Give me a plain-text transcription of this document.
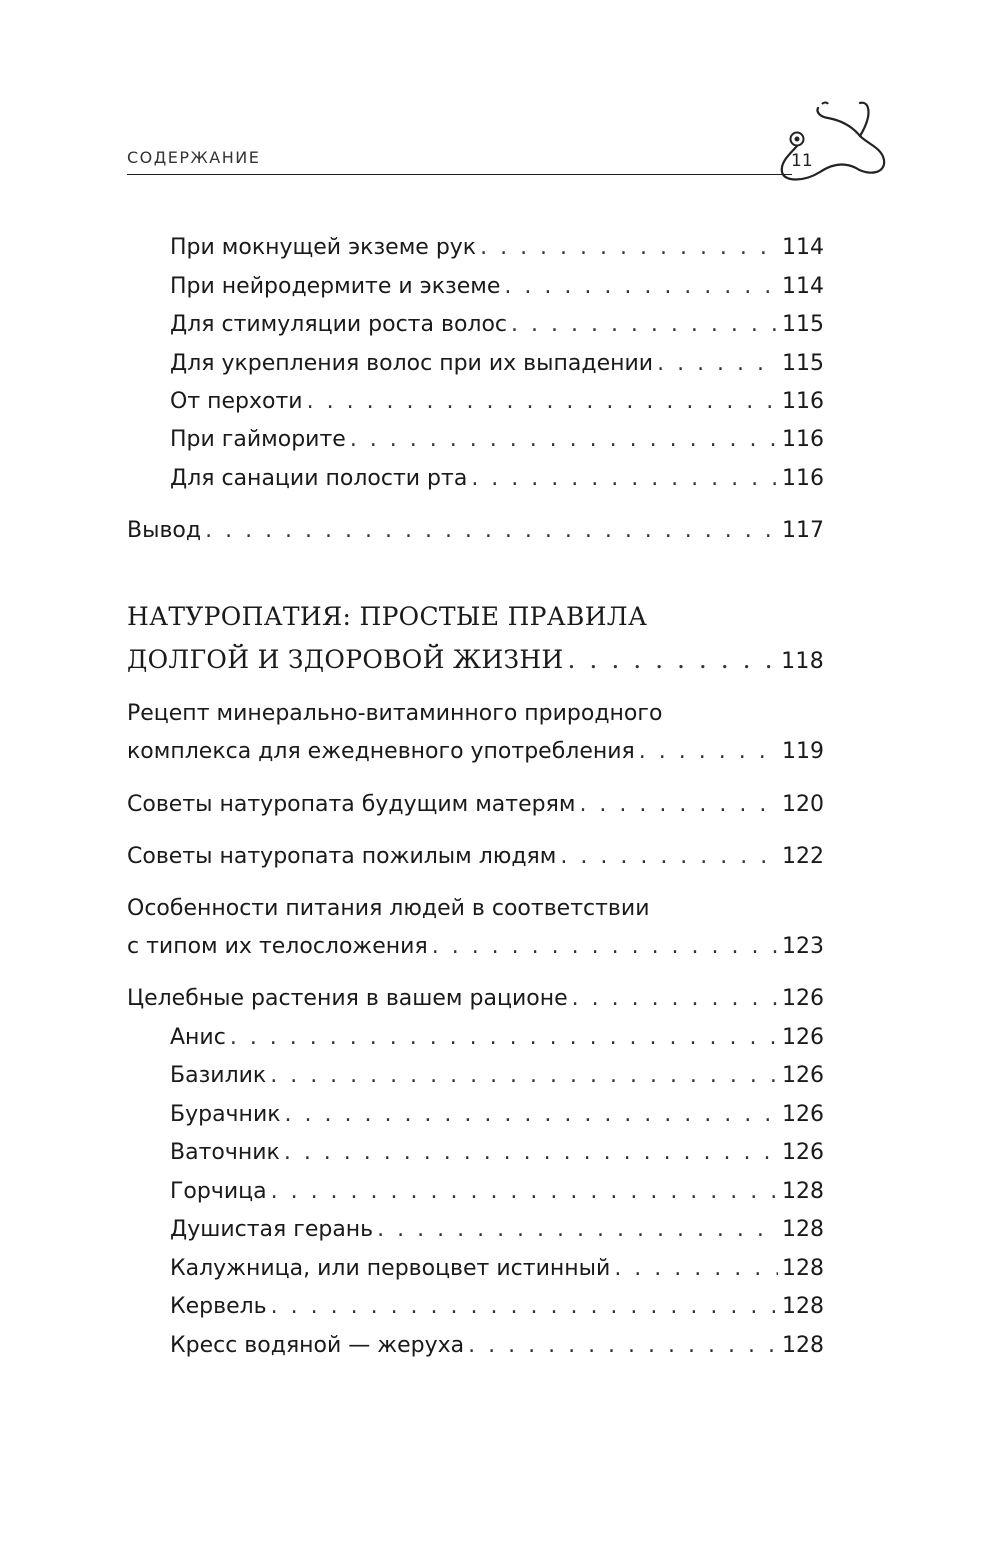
СОДЕРЖАНИЕ	11
При мокнущей экземе рук . . .	114
При нейродермите и экземе . . .	114
Для стимуляции роста волос . . .	115
Для укрепления волос при их выпадении . . .	115
От перхоти . . .	116
При гайморите . . .	116
Для санации полости рта . . .	116
Вывод . . .	117
НАТУРОПАТИЯ: ПРОСТЫЕ ПРАВИЛА
ДОЛГОЙ И ЗДОРОВОЙ ЖИЗНИ . . .	118
Рецепт минерально-витаминного природного
комплекса для ежедневного употребления . . .	119
Советы натуропата будущим матерям . . .	120
Советы натуропата пожилым людям . . .	122
Особенности питания людей в соответствии
с типом их телосложения . . .	123
Целебные растения в вашем рационе . . .	126
Анис . . .	126
Базилик . . .	126
Бурачник . . .	126
Ваточник . . .	126
Горчица . . .	128
Душистая герань . . .	128
Калужница, или первоцвет истинный . . .	128
Кервель . . .	128
Кресс водяной — жеруха . . .	128
